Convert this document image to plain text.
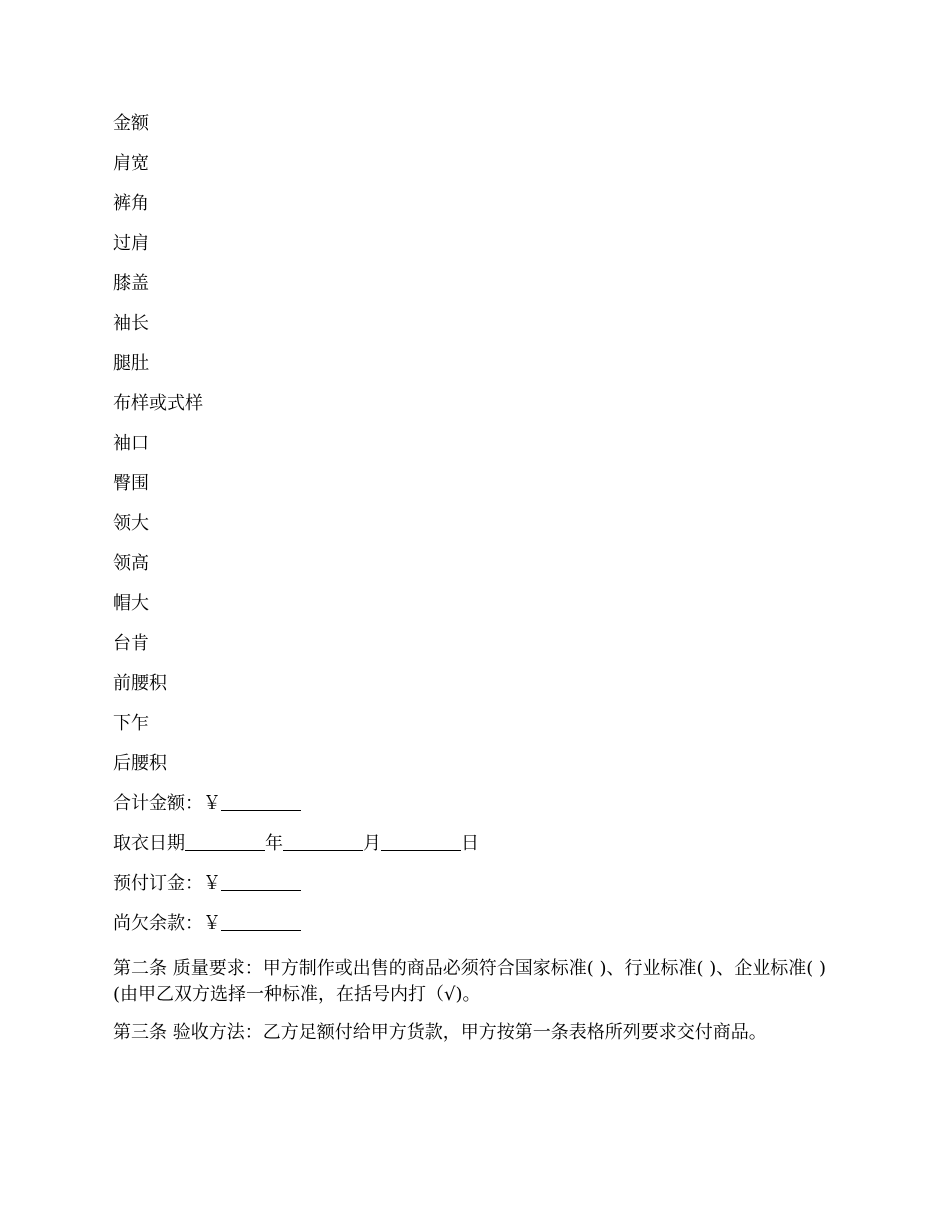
金额
肩宽
裤角
过肩
膝盖
袖长
腿肚
布样或式样
袖口
臀围
领大
领高
帽大
台肯
前腰积
下乍
后腰积
合计金额：￥
取衣日期	年	月	日
预付订金：￥
尚欠余款：￥
第二条 质量要求：甲方制作或出售的商品必须符合国家标准( )、行业标准( )、企业标准( )(由甲乙双方选择一种标准，在括号内打（√)。
第三条 验收方法：乙方足额付给甲方货款，甲方按第一条表格所列要求交付商品。
